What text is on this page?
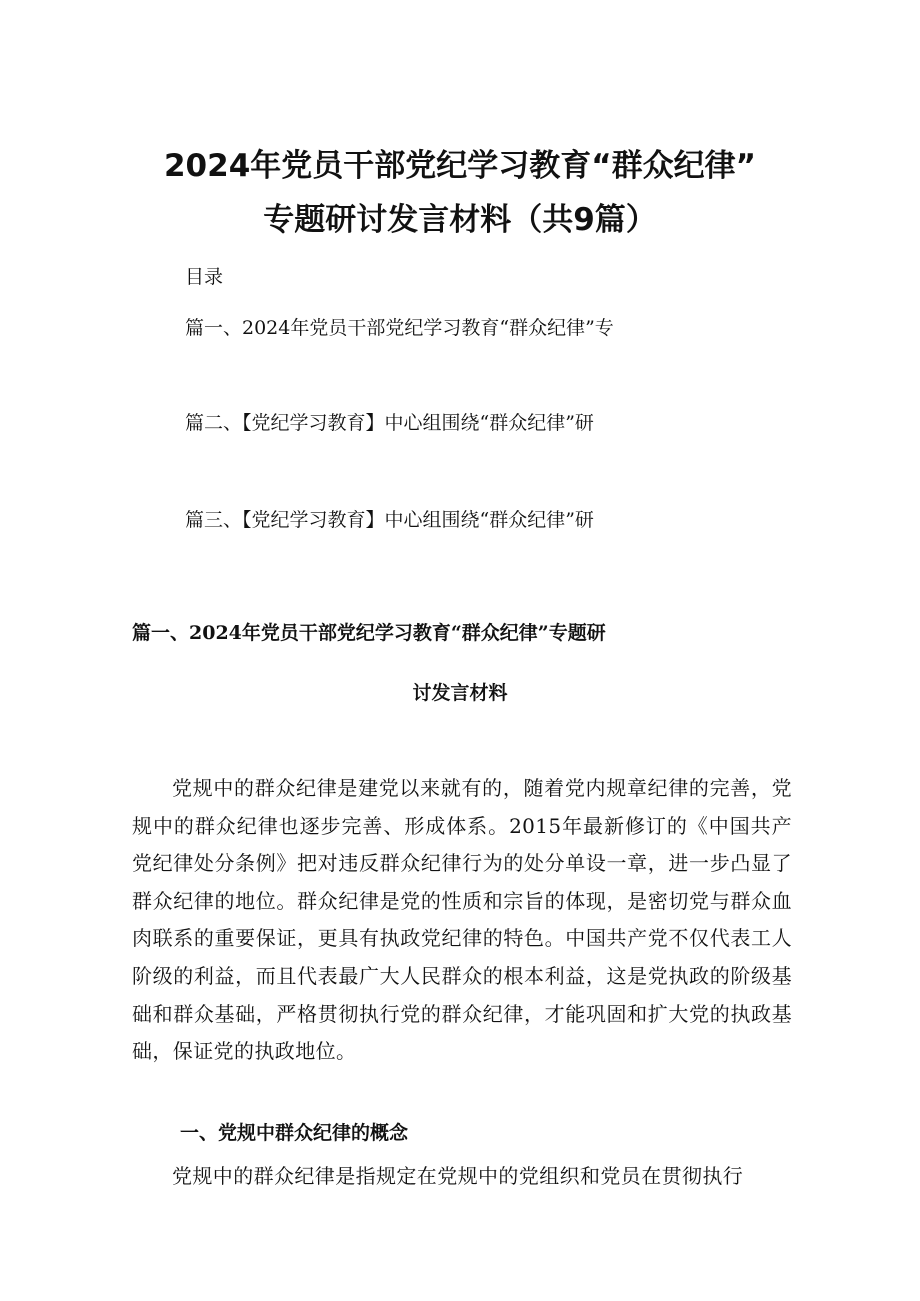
2024年党员干部党纪学习教育“群众纪律”
专题研讨发言材料（共9篇）
目录
篇一、2024年党员干部党纪学习教育“群众纪律”专
篇二、【党纪学习教育】中心组围绕“群众纪律”研
篇三、【党纪学习教育】中心组围绕“群众纪律”研
篇一、2024年党员干部党纪学习教育“群众纪律”专题研
讨发言材料
党规中的群众纪律是建党以来就有的，随着党内规章纪律的完善，党规中的群众纪律也逐步完善、形成体系。2015年最新修订的《中国共产党纪律处分条例》把对违反群众纪律行为的处分单设一章，进一步凸显了群众纪律的地位。群众纪律是党的性质和宗旨的体现，是密切党与群众血肉联系的重要保证，更具有执政党纪律的特色。中国共产党不仅代表工人阶级的利益，而且代表最广大人民群众的根本利益，这是党执政的阶级基础和群众基础，严格贯彻执行党的群众纪律，才能巩固和扩大党的执政基础，保证党的执政地位。
一、党规中群众纪律的概念
党规中的群众纪律是指规定在党规中的党组织和党员在贯彻执行
